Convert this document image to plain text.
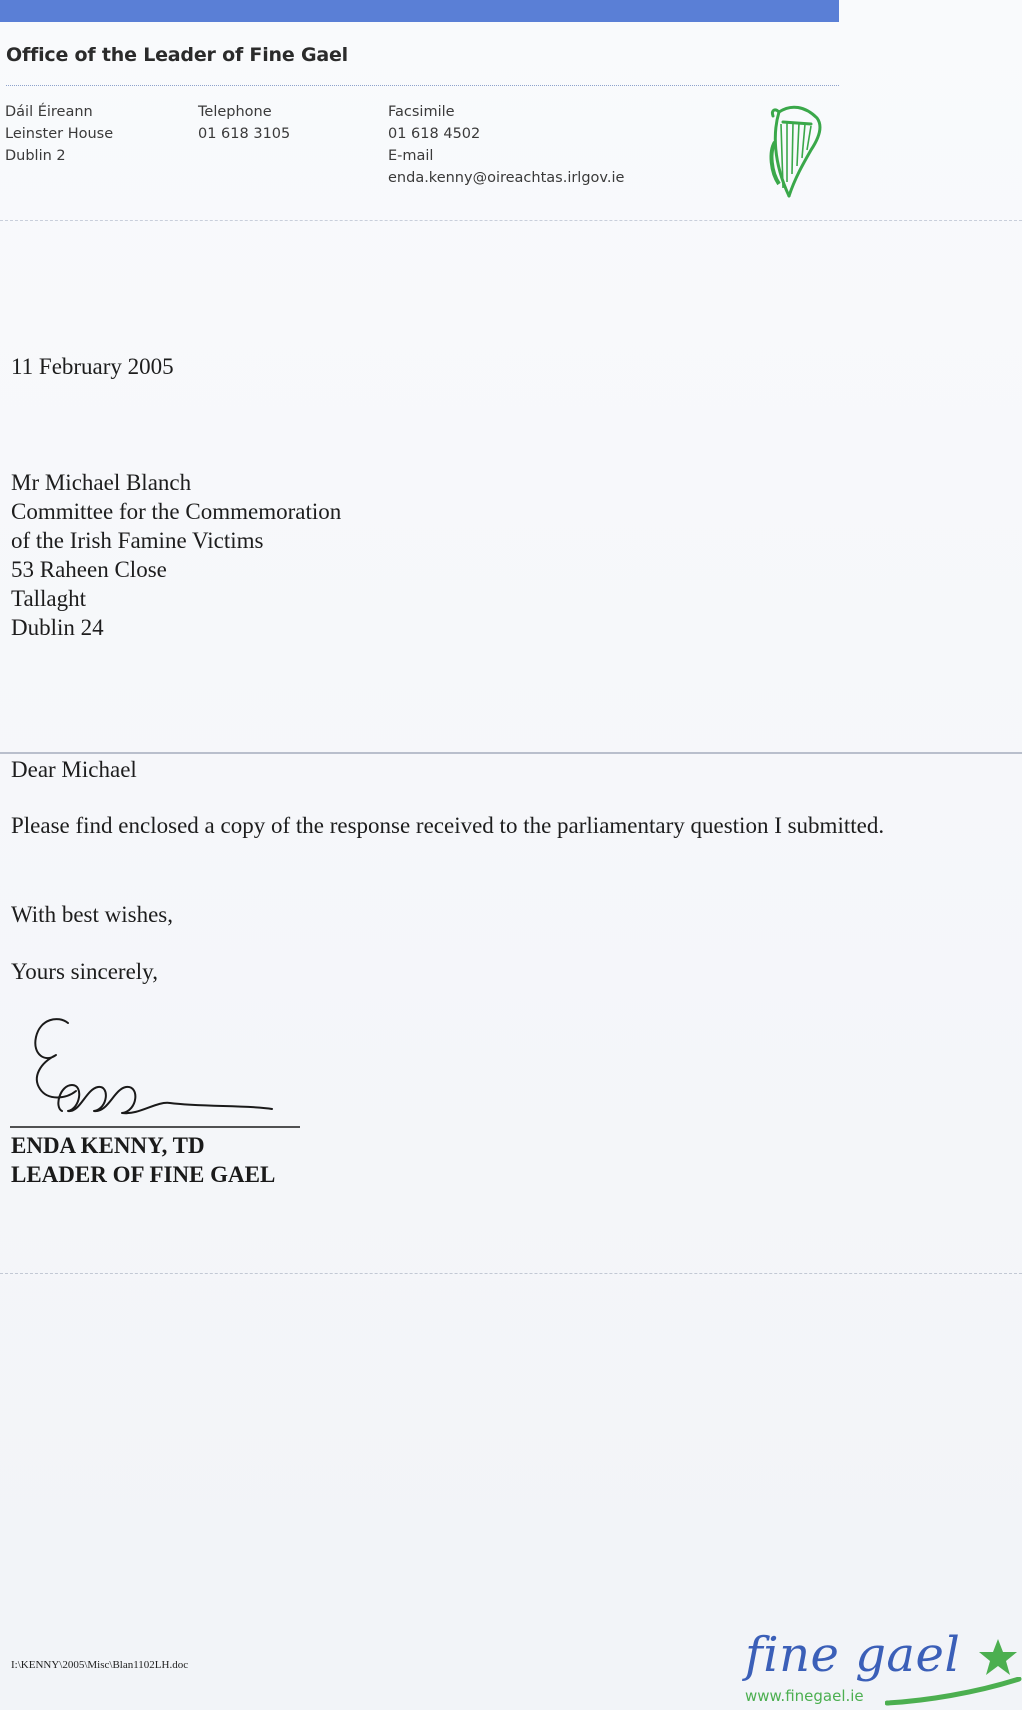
Office of the Leader of Fine Gael
Dáil Éireann
Leinster House
Dublin 2
Telephone
01 618 3105
Facsimile
01 618 4502
E-mail
enda.kenny@oireachtas.irlgov.ie
11 February 2005
Mr Michael Blanch
Committee for the Commemoration
of the Irish Famine Victims
53 Raheen Close
Tallaght
Dublin 24
Dear Michael
Please find enclosed a copy of the response received to the parliamentary question I submitted.
With best wishes,
Yours sincerely,
ENDA KENNY, TD
LEADER OF FINE GAEL
I:\KENNY\2005\Misc\Blan1102LH.doc	fine gael
www.finegael.ie
